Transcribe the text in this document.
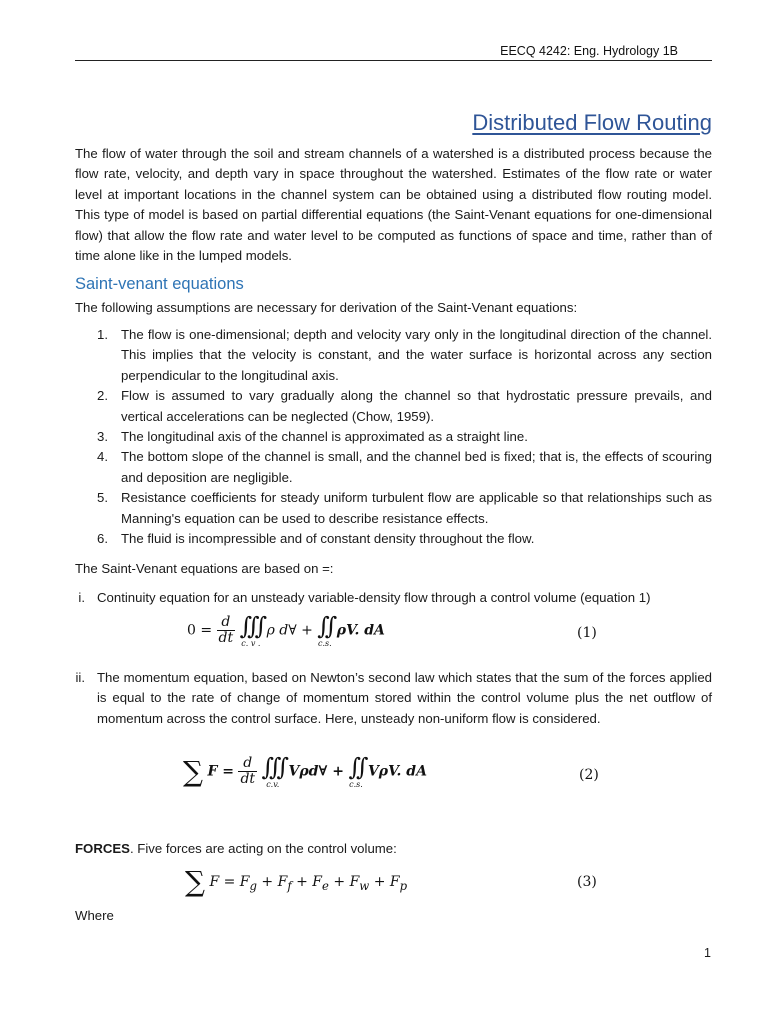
EECQ 4242: Eng. Hydrology 1B
Distributed Flow Routing
The flow of water through the soil and stream channels of a watershed is a distributed process because the flow rate, velocity, and depth vary in space throughout the watershed. Estimates of the flow rate or water level at important locations in the channel system can be obtained using a distributed flow routing model. This type of model is based on partial differential equations (the Saint-Venant equations for one-dimensional flow) that allow the flow rate and water level to be computed as functions of space and time, rather than of time alone like in the lumped models.
Saint-venant equations
The following assumptions are necessary for derivation of the Saint-Venant equations:
1. The flow is one-dimensional; depth and velocity vary only in the longitudinal direction of the channel. This implies that the velocity is constant, and the water surface is horizontal across any section perpendicular to the longitudinal axis.
2. Flow is assumed to vary gradually along the channel so that hydrostatic pressure prevails, and vertical accelerations can be neglected (Chow, 1959).
3. The longitudinal axis of the channel is approximated as a straight line.
4. The bottom slope of the channel is small, and the channel bed is fixed; that is, the effects of scouring and deposition are negligible.
5. Resistance coefficients for steady uniform turbulent flow are applicable so that relationships such as Manning's equation can be used to describe resistance effects.
6. The fluid is incompressible and of constant density throughout the flow.
The Saint-Venant equations are based on =:
i. Continuity equation for an unsteady variable-density flow through a control volume (equation 1)
$0 = \frac{d}{dt}$
∫∫∫
c. v .
ρ d∀ + ∫∫
c.s.
ρV. dA	(1)
ii. The momentum equation, based on Newton’s second law which states that the sum of the forces applied is equal to the rate of change of momentum stored within the control volume plus the net outflow of momentum across the control surface. Here, unsteady non-uniform flow is considered.
∑ $F = \frac{d}{dt}$
∫∫∫
c.v.
Vρd∀ + ∫∫
c.s.
VρV. dA	(2)
FORCES. Five forces are acting on the control volume:
∑ $F = F_g + F_f + F_e + F_w + F_p$	(3)
Where
1
